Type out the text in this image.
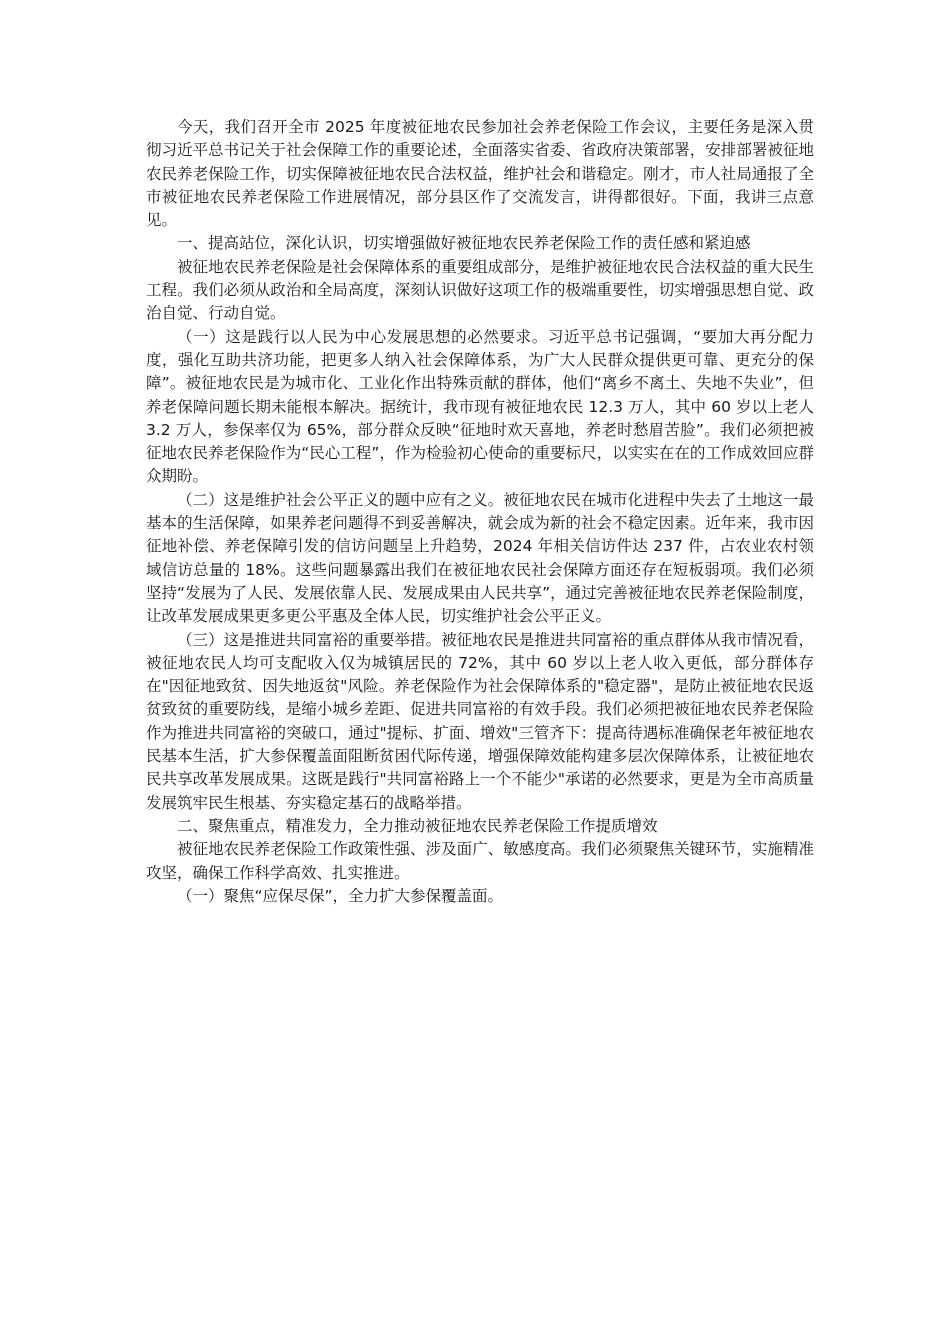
今天，我们召开全市 2025 年度被征地农民参加社会养老保险工作会议，主要任务是深入贯彻习近平总书记关于社会保障工作的重要论述，全面落实省委、省政府决策部署，安排部署被征地农民养老保险工作，切实保障被征地农民合法权益，维护社会和谐稳定。刚才，市人社局通报了全市被征地农民养老保险工作进展情况，部分县区作了交流发言，讲得都很好。下面，我讲三点意见。

一、提高站位，深化认识，切实增强做好被征地农民养老保险工作的责任感和紧迫感

被征地农民养老保险是社会保障体系的重要组成部分，是维护被征地农民合法权益的重大民生工程。我们必须从政治和全局高度，深刻认识做好这项工作的极端重要性，切实增强思想自觉、政治自觉、行动自觉。

（一）这是践行以人民为中心发展思想的必然要求。习近平总书记强调，“要加大再分配力度，强化互助共济功能，把更多人纳入社会保障体系，为广大人民群众提供更可靠、更充分的保障”。被征地农民是为城市化、工业化作出特殊贡献的群体，他们“离乡不离土、失地不失业”，但养老保障问题长期未能根本解决。据统计，我市现有被征地农民 12.3 万人，其中 60 岁以上老人 3.2 万人，参保率仅为 65%，部分群众反映“征地时欢天喜地，养老时愁眉苦脸”。我们必须把被征地农民养老保险作为“民心工程”，作为检验初心使命的重要标尺，以实实在在的工作成效回应群众期盼。

（二）这是维护社会公平正义的题中应有之义。被征地农民在城市化进程中失去了土地这一最基本的生活保障，如果养老问题得不到妥善解决，就会成为新的社会不稳定因素。近年来，我市因征地补偿、养老保障引发的信访问题呈上升趋势，2024 年相关信访件达 237 件，占农业农村领域信访总量的 18%。这些问题暴露出我们在被征地农民社会保障方面还存在短板弱项。我们必须坚持“发展为了人民、发展依靠人民、发展成果由人民共享”，通过完善被征地农民养老保险制度，让改革发展成果更多更公平惠及全体人民，切实维护社会公平正义。

（三）这是推进共同富裕的重要举措。被征地农民是推进共同富裕的重点群体从我市情况看，被征地农民人均可支配收入仅为城镇居民的 72%，其中 60 岁以上老人收入更低，部分群体存在"因征地致贫、因失地返贫"风险。养老保险作为社会保障体系的"稳定器"，是防止被征地农民返贫致贫的重要防线，是缩小城乡差距、促进共同富裕的有效手段。我们必须把被征地农民养老保险作为推进共同富裕的突破口，通过"提标、扩面、增效"三管齐下：提高待遇标准确保老年被征地农民基本生活，扩大参保覆盖面阻断贫困代际传递，增强保障效能构建多层次保障体系，让被征地农民共享改革发展成果。这既是践行"共同富裕路上一个不能少"承诺的必然要求，更是为全市高质量发展筑牢民生根基、夯实稳定基石的战略举措。

二、聚焦重点，精准发力，全力推动被征地农民养老保险工作提质增效

被征地农民养老保险工作政策性强、涉及面广、敏感度高。我们必须聚焦关键环节，实施精准攻坚，确保工作科学高效、扎实推进。

（一）聚焦“应保尽保”，全力扩大参保覆盖面。
